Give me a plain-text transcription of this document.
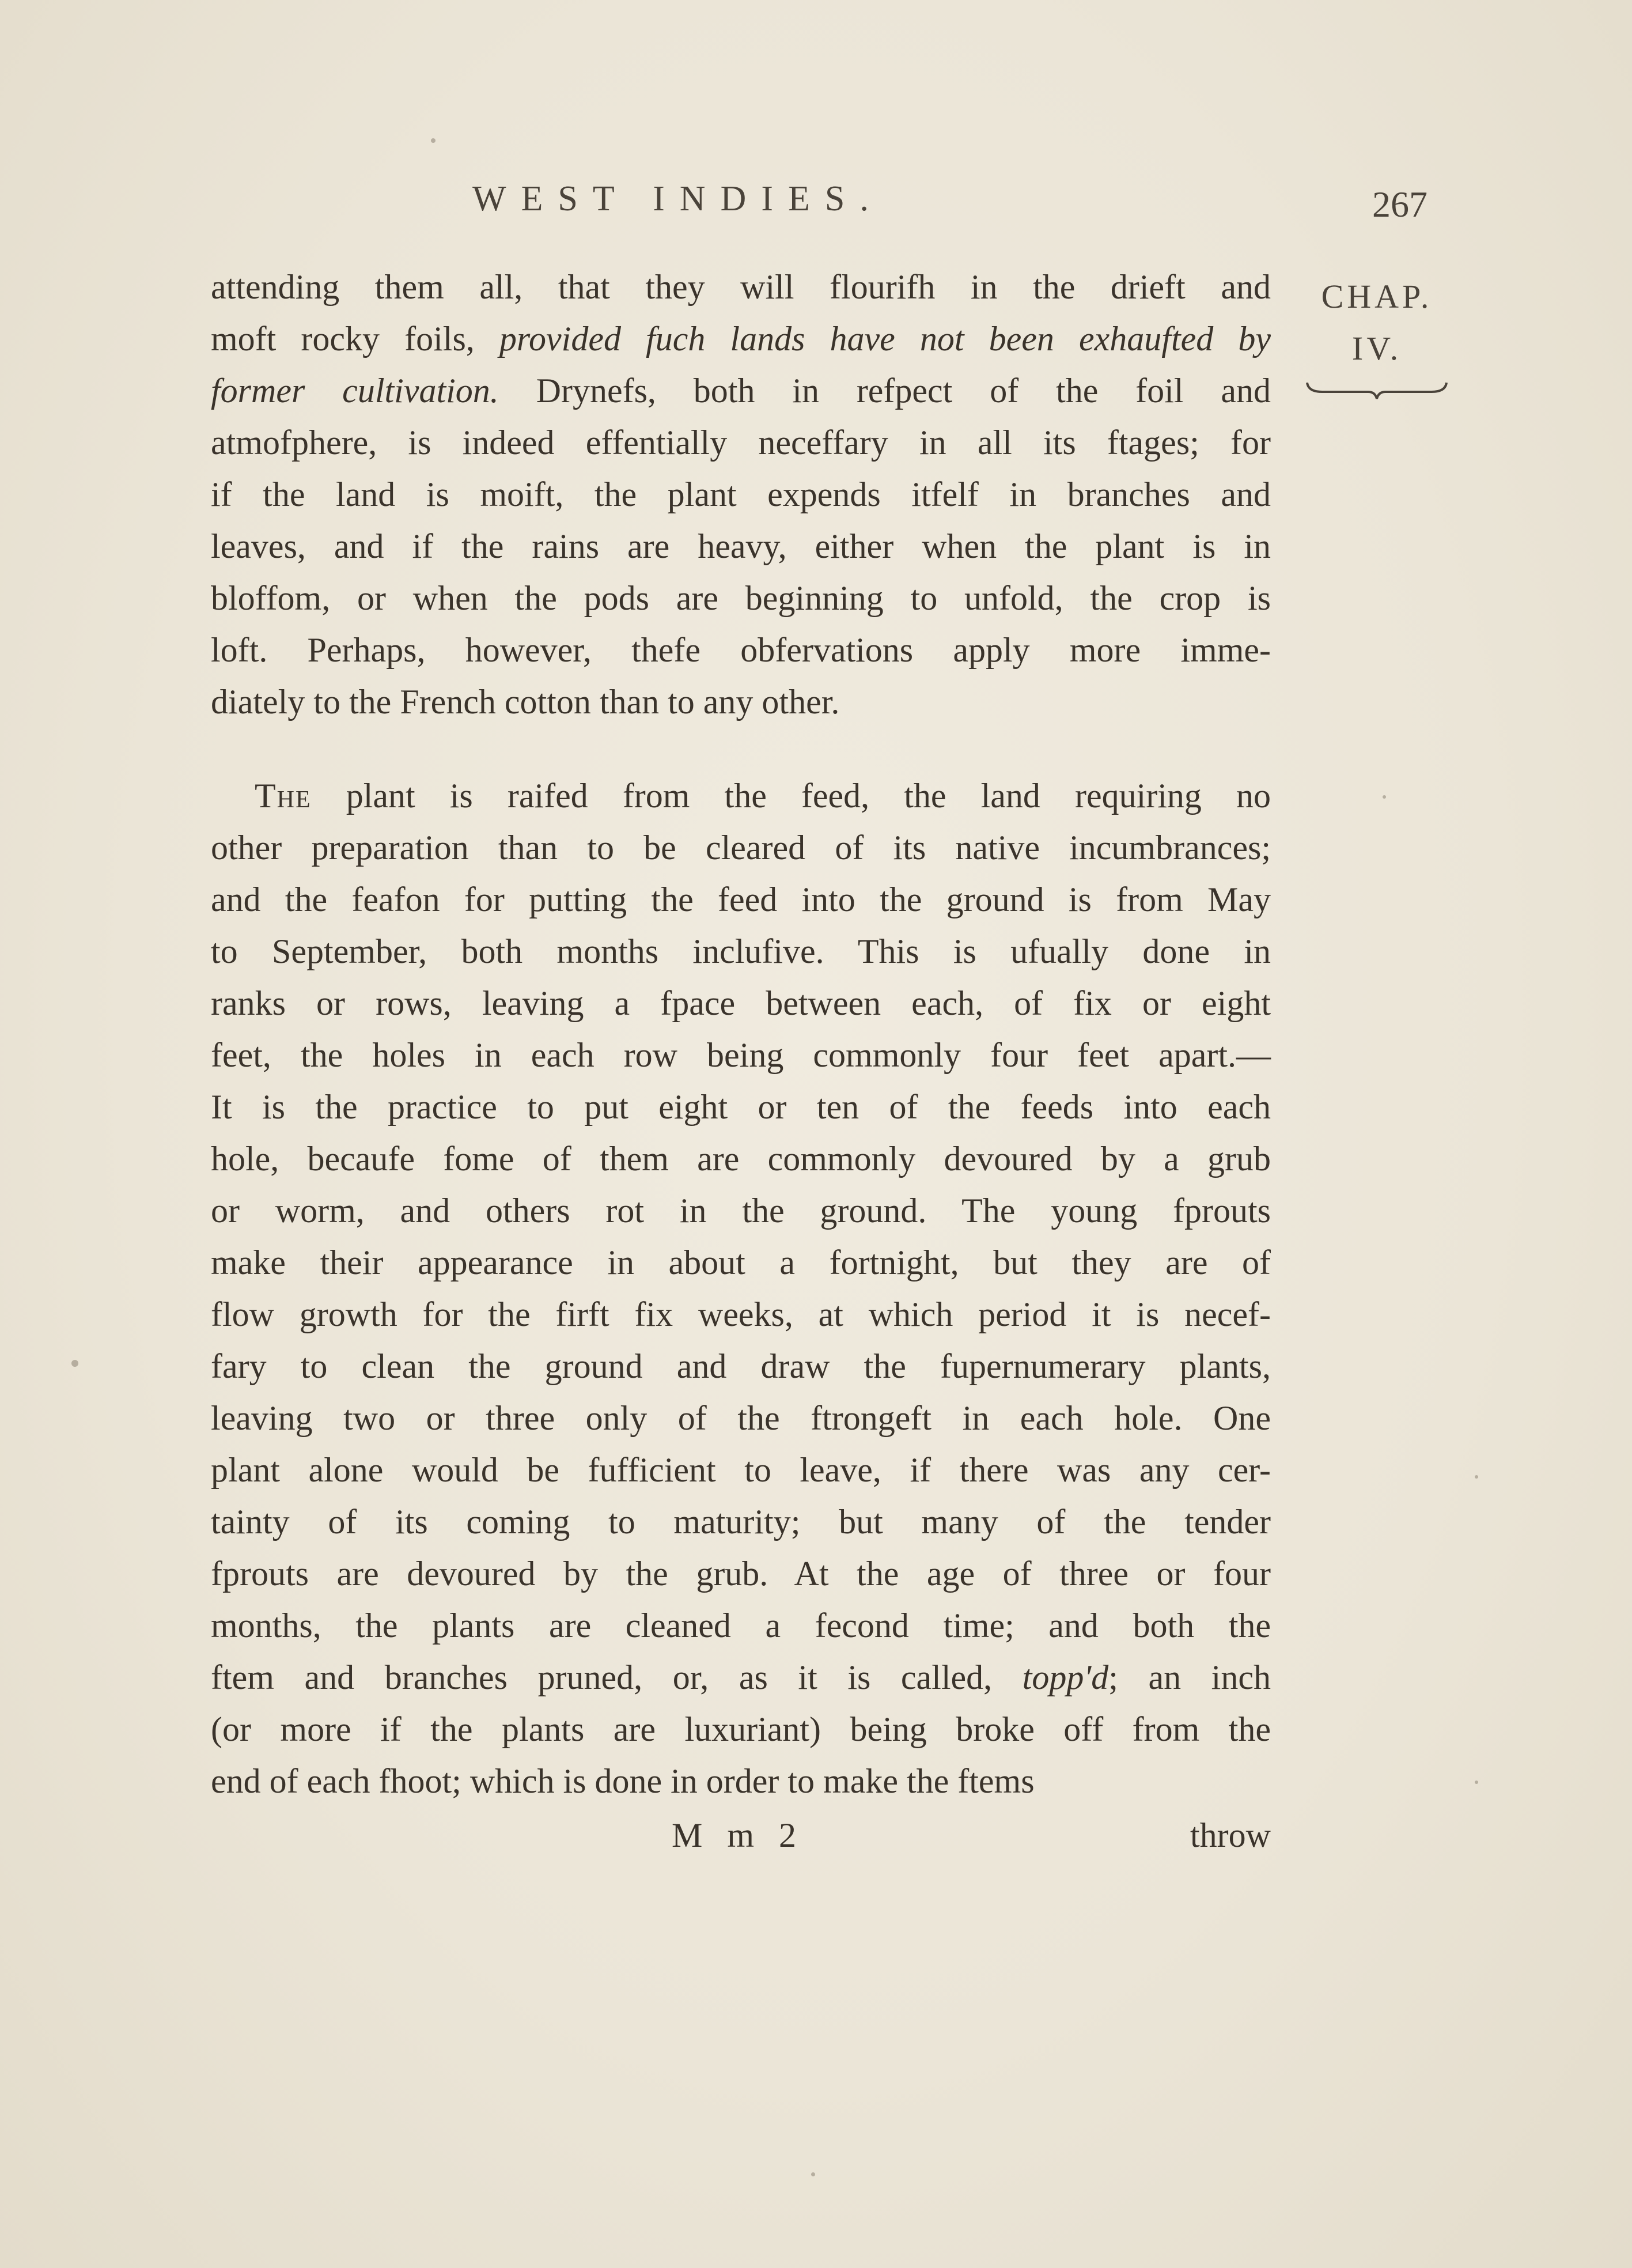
WEST INDIES.	267
CHAP.
IV.
attending them all, that they will flourifh in the drieft and
moft rocky foils, provided fuch lands have not been exhaufted by
former cultivation. Drynefs, both in refpect of the foil and
atmofphere, is indeed effentially neceffary in all its ftages; for
if the land is moift, the plant expends itfelf in branches and
leaves, and if the rains are heavy, either when the plant is in
bloffom, or when the pods are beginning to unfold, the crop is
loft. Perhaps, however, thefe obfervations apply more imme-
diately to the French cotton than to any other.
The plant is raifed from the feed, the land requiring no
other preparation than to be cleared of its native incumbrances;
and the feafon for putting the feed into the ground is from May
to September, both months inclufive. This is ufually done in
ranks or rows, leaving a fpace between each, of fix or eight
feet, the holes in each row being commonly four feet apart.—
It is the practice to put eight or ten of the feeds into each
hole, becaufe fome of them are commonly devoured by a grub
or worm, and others rot in the ground. The young fprouts
make their appearance in about a fortnight, but they are of
flow growth for the firft fix weeks, at which period it is necef-
fary to clean the ground and draw the fupernumerary plants,
leaving two or three only of the ftrongeft in each hole. One
plant alone would be fufficient to leave, if there was any cer-
tainty of its coming to maturity; but many of the tender
fprouts are devoured by the grub. At the age of three or four
months, the plants are cleaned a fecond time; and both the
ftem and branches pruned, or, as it is called, topp'd; an inch
(or more if the plants are luxuriant) being broke off from the
end of each fhoot; which is done in order to make the ftems
M m 2	throw
